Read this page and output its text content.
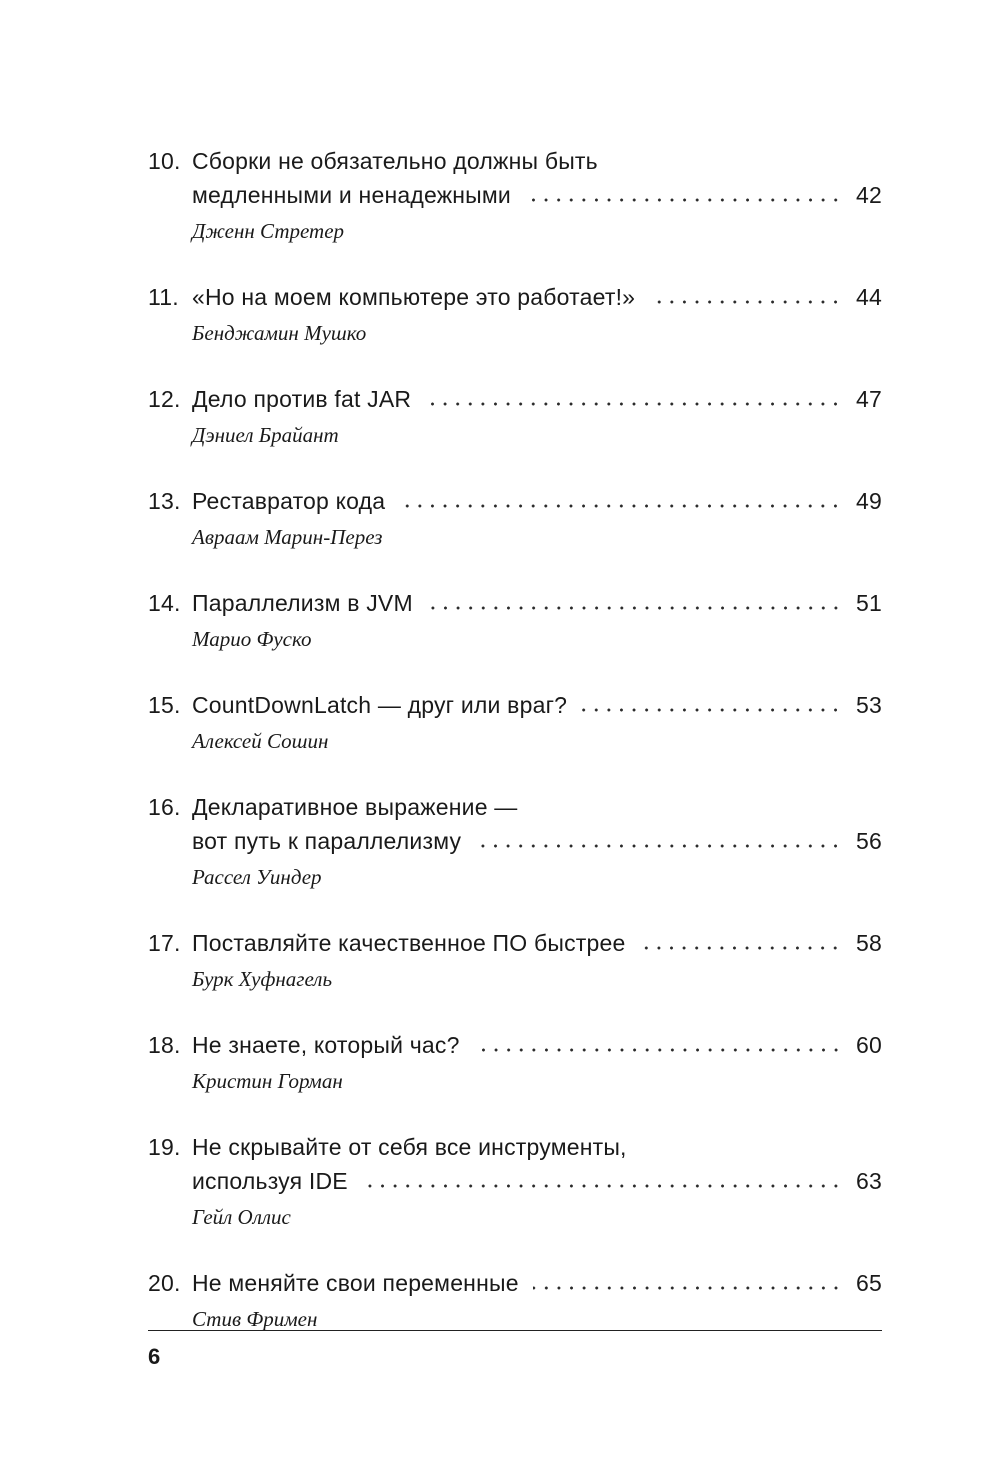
10. Сборки не обязательно должны быть
медленными и ненадежными	42
Дженн Стретер
11. «Но на моем компьютере это работает!»	44
Бенджамин Мушко
12. Дело против fat JAR	47
Дэниел Брайант
13. Реставратор кода	49
Авраам Марин-Перез
14. Параллелизм в JVM	51
Марио Фуско
15. CountDownLatch — друг или враг?	53
Алексей Сошин
16. Декларативное выражение —
вот путь к параллелизму	56
Рассел Уиндер
17. Поставляйте качественное ПО быстрее	58
Бурк Хуфнагель
18. Не знаете, который час?	60
Кристин Горман
19. Не скрывайте от себя все инструменты,
используя IDE	63
Гейл Оллис
20. Не меняйте свои переменные	65
Стив Фримен
6
